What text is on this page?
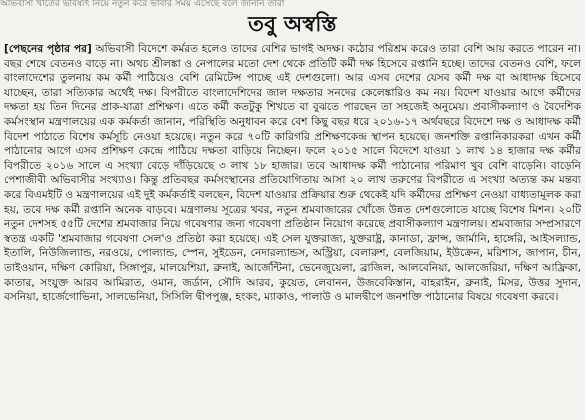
অভিবাসী খাতের ভবিষ্যৎ নিয়ে নতুন করে ভাবার সময় এসেছে বলে জানান তারা
তবু অস্বস্তি
[পেছনের পৃষ্ঠার পর] অভিবাসী বিদেশে কর্মরত হলেও তাদের বেশির ভাগই অদক্ষ। কঠোর পরিশ্রম করেও তারা বেশি আয় করতে পারেন না। বছর শেষে বেতনও বাড়ে না। অথচ শ্রীলঙ্কা ও নেপালের মতো দেশ থেকে প্রতিটি কর্মী দক্ষ হিসেবে রপ্তানি হচ্ছে। তাদের বেতনও বেশি, ফলে বাংলাদেশের তুলনায় কম কর্মী পাঠিয়েও বেশি রেমিটেন্স পাচ্ছে এই দেশগুলো। আর এসব দেশের যেসব কর্মী দক্ষ বা আধাদক্ষ হিসেবে যাচ্ছেন, তারা সত্যিকার অর্থেই দক্ষ। বিপরীতে বাংলাদেশিদের জাল দক্ষতার সনদের কেলেঙ্কারিও কম নয়। বিদেশ যাওয়ার আগে কর্মীদের দক্ষতা হয় তিন দিনের প্রাক-যাত্রা প্রশিক্ষণ। এতে কর্মী কতটুকু শিখতে বা বুঝতে পারছেন তা সহজেই অনুমেয়। প্রবাসীকল্যাণ ও বৈদেশিক কর্মসংস্থান মন্ত্রণালয়ের এক কর্মকর্তা জানান, পরিস্থিতি অনুধাবন করে বেশ কিছু বছর ধরে ২০১৬-১৭ অর্থবছরে বিদেশে দক্ষ ও আধাদক্ষ কর্মী বিদেশ পাঠাতে বিশেষ কর্মসূচি নেওয়া হয়েছে। নতুন করে ৭০টি কারিগরি প্রশিক্ষণকেন্দ্র স্থাপন হয়েছে। জনশক্তি রপ্তানিকারকরা এখন কর্মী পাঠানোর আগে এসব প্রশিক্ষণ কেন্দ্রে পাঠিয়ে দক্ষতা বাড়িয়ে নিচ্ছেন। ফলে ২০১৫ সালে বিদেশে যাওয়া ১ লাখ ১৪ হাজার দক্ষ কর্মীর বিপরীতে ২০১৬ সালে এ সংখ্যা বেড়ে দাঁড়িয়েছে ৩ লাখ ১৮ হাজার। তবে আধাদক্ষ কর্মী পাঠানোর পরিমাণ খুব বেশি বাড়েনি। বাড়েনি পেশাজীবী অভিবাসীর সংখ্যাও। কিন্তু প্রতিবছর কর্মসংস্থানের প্রতিযোগিতায় আসা ২০ লাখ তরুণের বিপরীতে এ সংখ্যা অত্যন্ত কম মন্তব্য করে বিএমইটি ও মন্ত্রণালয়ের এই দুই কর্মকর্তাই বলছেন, বিদেশ যাওয়ার প্রক্রিয়ার শুরু থেকেই যদি কর্মীদের প্রশিক্ষণ নেওয়া বাধ্যতামূলক করা হয়, তবে দক্ষ কর্মী রপ্তানি অনেক বাড়বে। মন্ত্রণালয় সূত্রের খবর, নতুন শ্রমবাজারের খোঁজে উন্নত দেশগুলোতে যাচ্ছে বিশেষ মিশন। ২০টি নতুন দেশসহ ৫৫টি দেশের শ্রমবাজার নিয়ে গবেষণার জন্য গবেষণা প্রতিষ্ঠান নিয়োগ করেছে প্রবাসীকল্যাণ মন্ত্রণালয়। শ্রমবাজার সম্প্রসারণে স্বতন্ত্র একটি 'শ্রমবাজার গবেষণা সেল'ও প্রতিষ্ঠা করা হয়েছে। এই সেল যুক্তরাজ্য, যুক্তরাষ্ট্র, কানাডা, ফ্রান্স, জার্মানি, হাঙ্গেরি, আইসল্যান্ড, ইতালি, নিউজিল্যান্ড, নরওয়ে, পোল্যান্ড, স্পেন, সুইডেন, নেদারল্যান্ডস, অস্ট্রিয়া, বেলারুশ, বেলজিয়াম, ইউক্রেন, মরিশাস, জাপান, চীন, তাইওয়ান, দক্ষিণ কোরিয়া, সিঙ্গাপুর, মালয়েশিয়া, ব্রুনাই, আর্জেন্টিনা, ভেনেজুয়েলা, ব্রাজিল, আলবেনিয়া, আলজেরিয়া, দক্ষিণ আফ্রিকা, কাতার, সংযুক্ত আরব আমিরাত, ওমান, জর্ডান, সৌদি আরব, কুয়েত, লেবানন, উজবেকিস্তান, বাহরাইন, ব্রুনাই, মিসর, উত্তর সুদান, বসনিয়া, হার্জেগোভিনা, সালভেনিয়া, সিসিলি দ্বীপপুঞ্জ, হংকং, ম্যাকাও, পালাউ ও মালদ্বীপে জনশক্তি পাঠানোর বিষয়ে গবেষণা করবে।
